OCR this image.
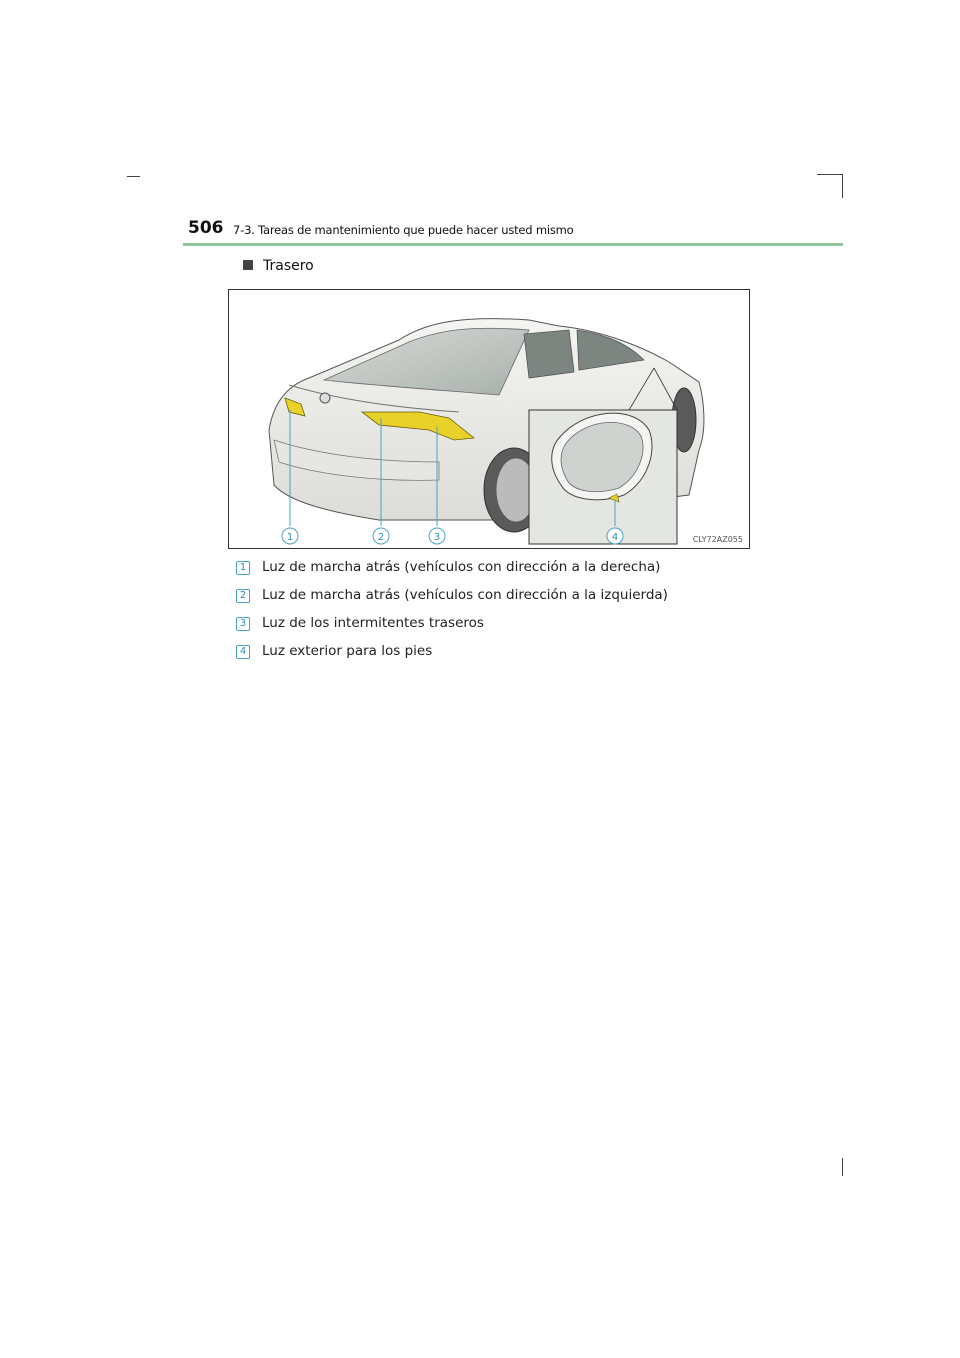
506 7-3. Tareas de mantenimiento que puede hacer usted mismo
Trasero
1	2	3	4	CLY72AZ055
1 Luz de marcha atrás (vehículos con dirección a la derecha)
2 Luz de marcha atrás (vehículos con dirección a la izquierda)
3 Luz de los intermitentes traseros
4 Luz exterior para los pies
